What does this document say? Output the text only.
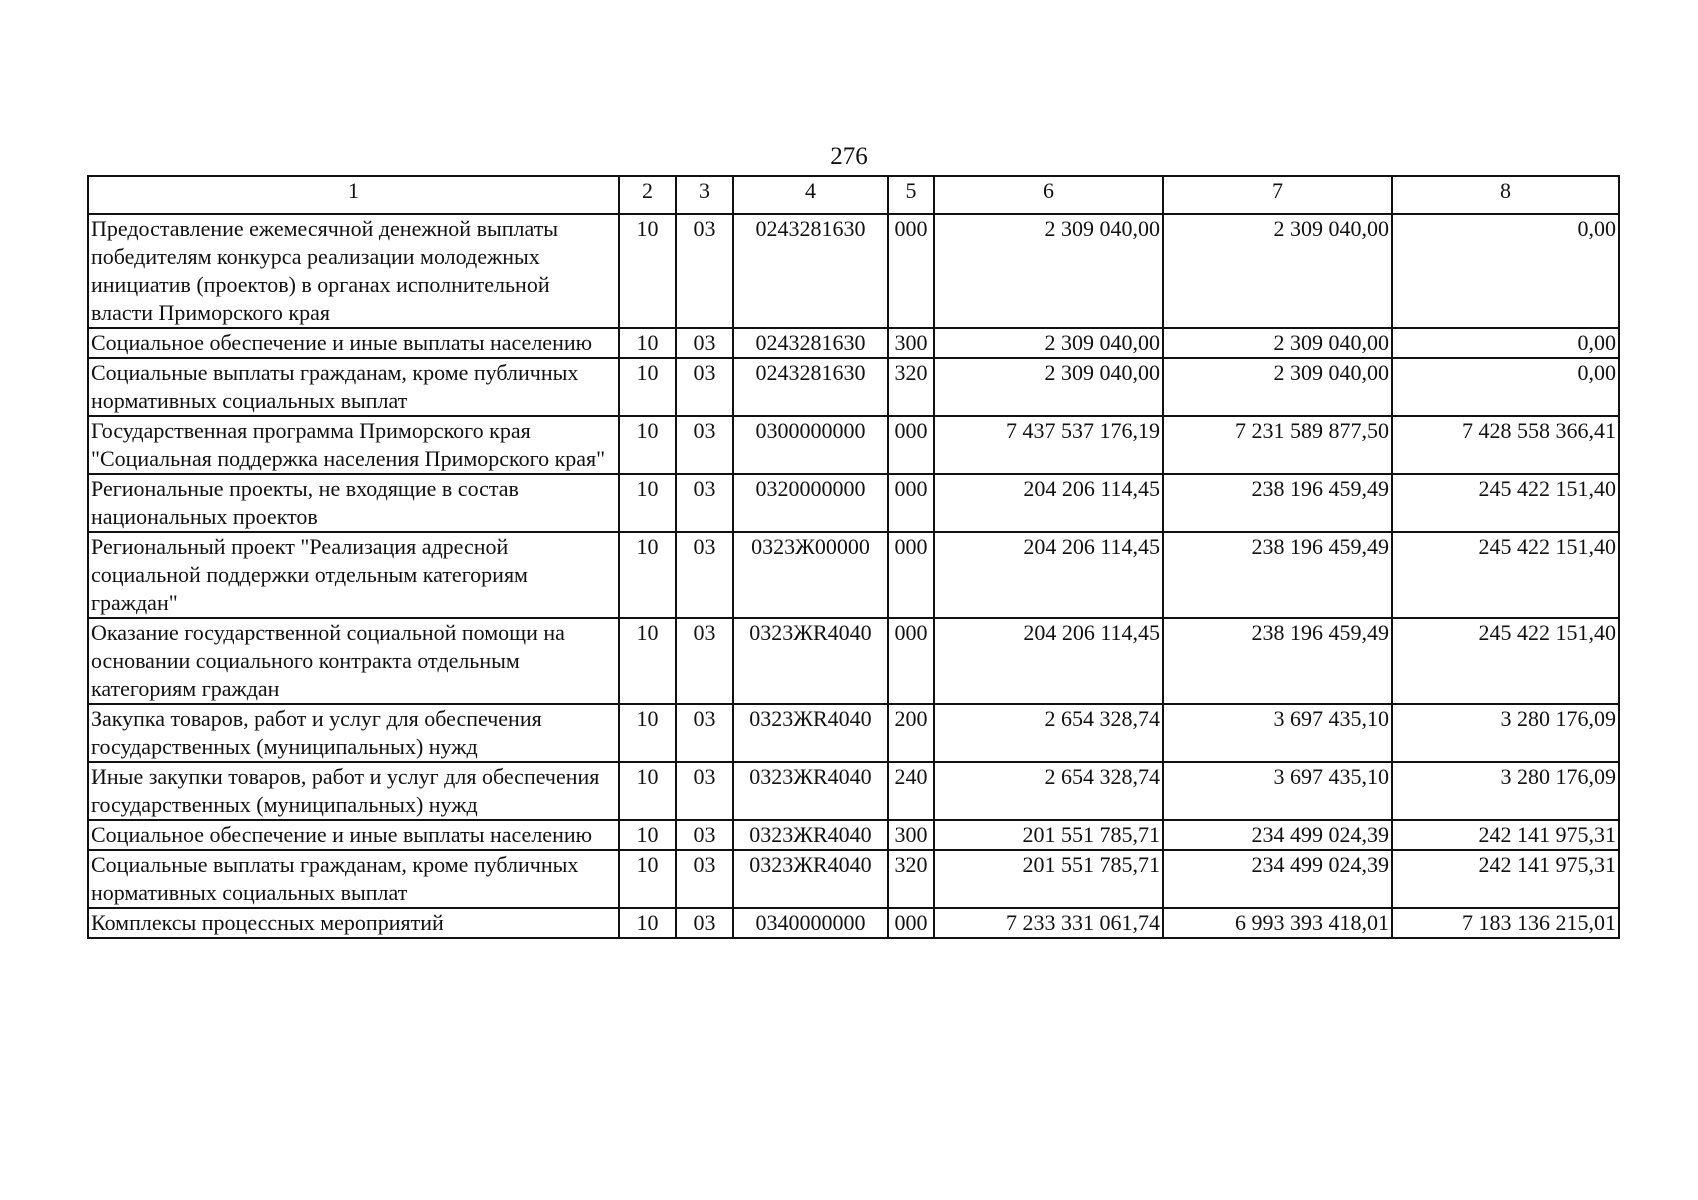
276
1	2	3	4	5	6	7	8
Предоставление ежемесячной денежной выплаты победителям конкурса реализации молодежных инициатив (проектов) в органах исполнительной власти Приморского края	10	03	0243281630	000	2 309 040,00	2 309 040,00	0,00
Социальное обеспечение и иные выплаты населению	10	03	0243281630	300	2 309 040,00	2 309 040,00	0,00
Социальные выплаты гражданам, кроме публичных нормативных социальных выплат	10	03	0243281630	320	2 309 040,00	2 309 040,00	0,00
Государственная программа Приморского края "Социальная поддержка населения Приморского края"	10	03	0300000000	000	7 437 537 176,19	7 231 589 877,50	7 428 558 366,41
Региональные проекты, не входящие в состав национальных проектов	10	03	0320000000	000	204 206 114,45	238 196 459,49	245 422 151,40
Региональный проект "Реализация адресной социальной поддержки отдельным категориям граждан"	10	03	0323Ж00000	000	204 206 114,45	238 196 459,49	245 422 151,40
Оказание государственной социальной помощи на основании социального контракта отдельным категориям граждан	10	03	0323ЖR4040	000	204 206 114,45	238 196 459,49	245 422 151,40
Закупка товаров, работ и услуг для обеспечения государственных (муниципальных) нужд	10	03	0323ЖR4040	200	2 654 328,74	3 697 435,10	3 280 176,09
Иные закупки товаров, работ и услуг для обеспечения государственных (муниципальных) нужд	10	03	0323ЖR4040	240	2 654 328,74	3 697 435,10	3 280 176,09
Социальное обеспечение и иные выплаты населению	10	03	0323ЖR4040	300	201 551 785,71	234 499 024,39	242 141 975,31
Социальные выплаты гражданам, кроме публичных нормативных социальных выплат	10	03	0323ЖR4040	320	201 551 785,71	234 499 024,39	242 141 975,31
Комплексы процессных мероприятий	10	03	0340000000	000	7 233 331 061,74	6 993 393 418,01	7 183 136 215,01
